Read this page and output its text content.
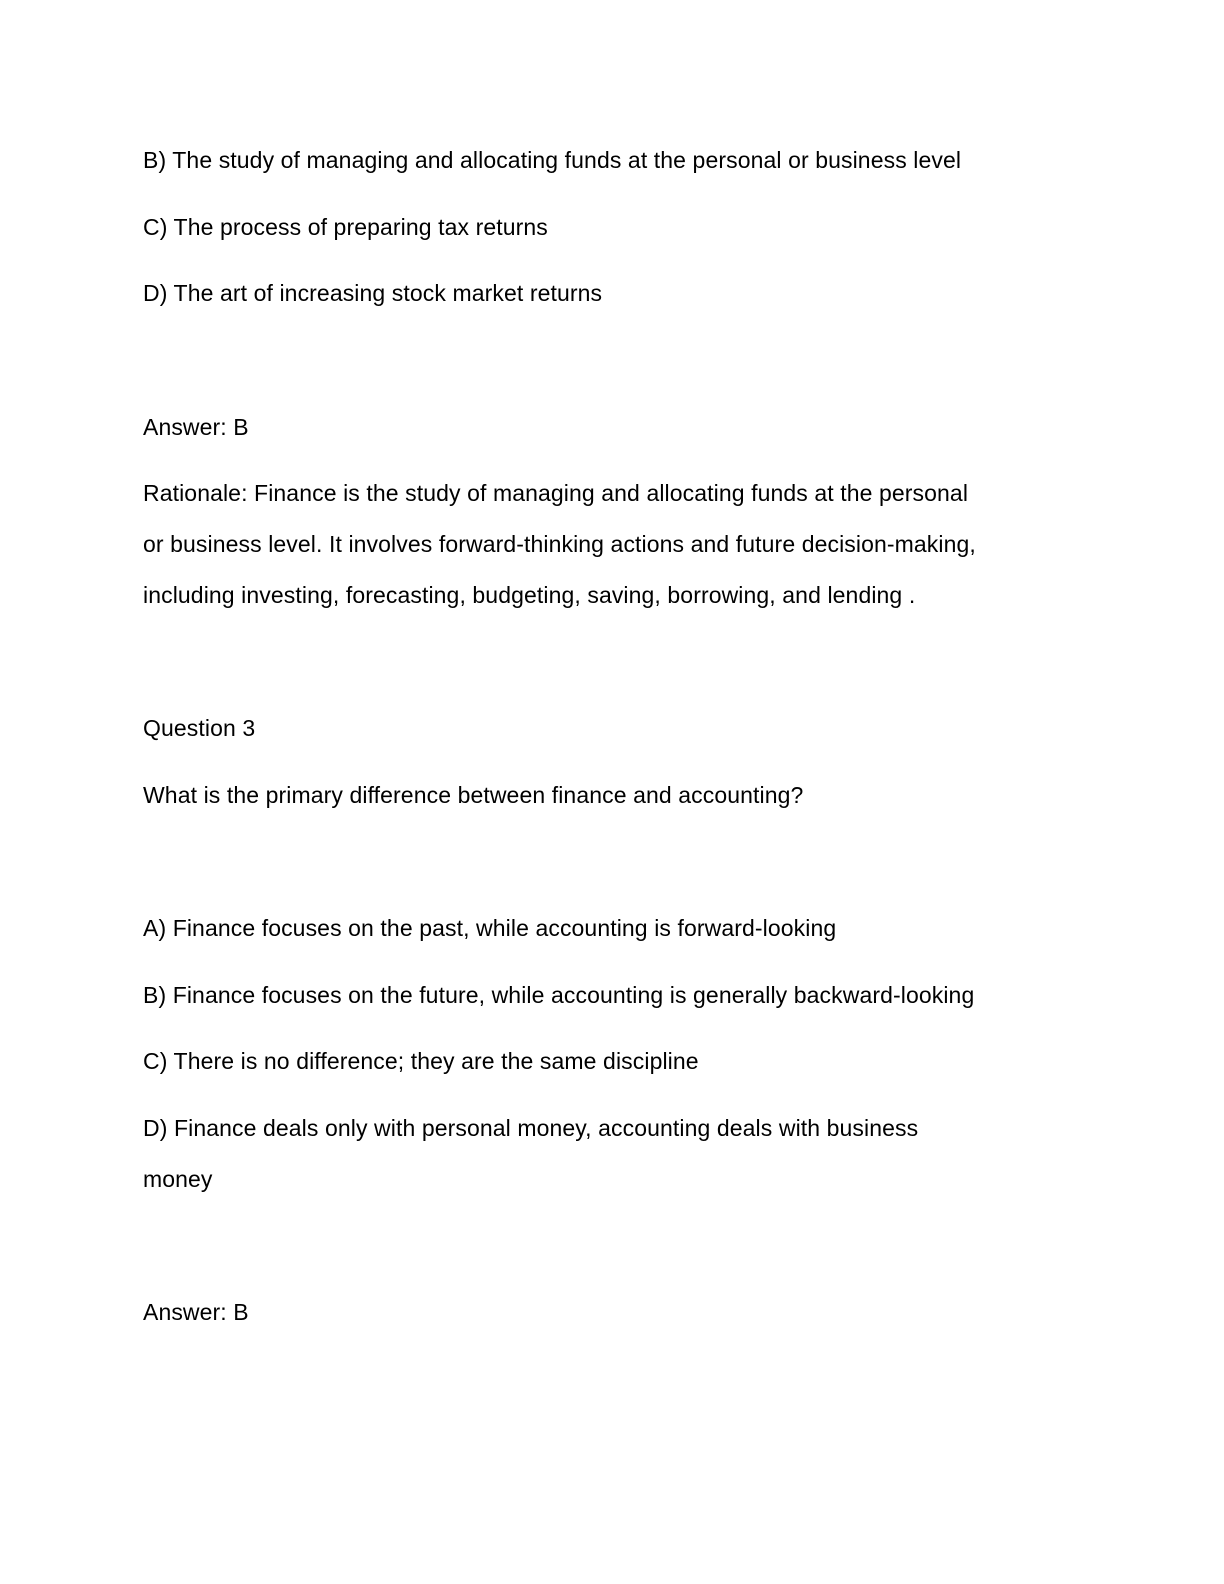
B) The study of managing and allocating funds at the personal or business level
C) The process of preparing tax returns
D) The art of increasing stock market returns
Answer: B
Rationale: Finance is the study of managing and allocating funds at the personal
or business level. It involves forward-thinking actions and future decision-making,
including investing, forecasting, budgeting, saving, borrowing, and lending .
Question 3
What is the primary difference between finance and accounting?
A) Finance focuses on the past, while accounting is forward-looking
B) Finance focuses on the future, while accounting is generally backward-looking
C) There is no difference; they are the same discipline
D) Finance deals only with personal money, accounting deals with business
money
Answer: B
